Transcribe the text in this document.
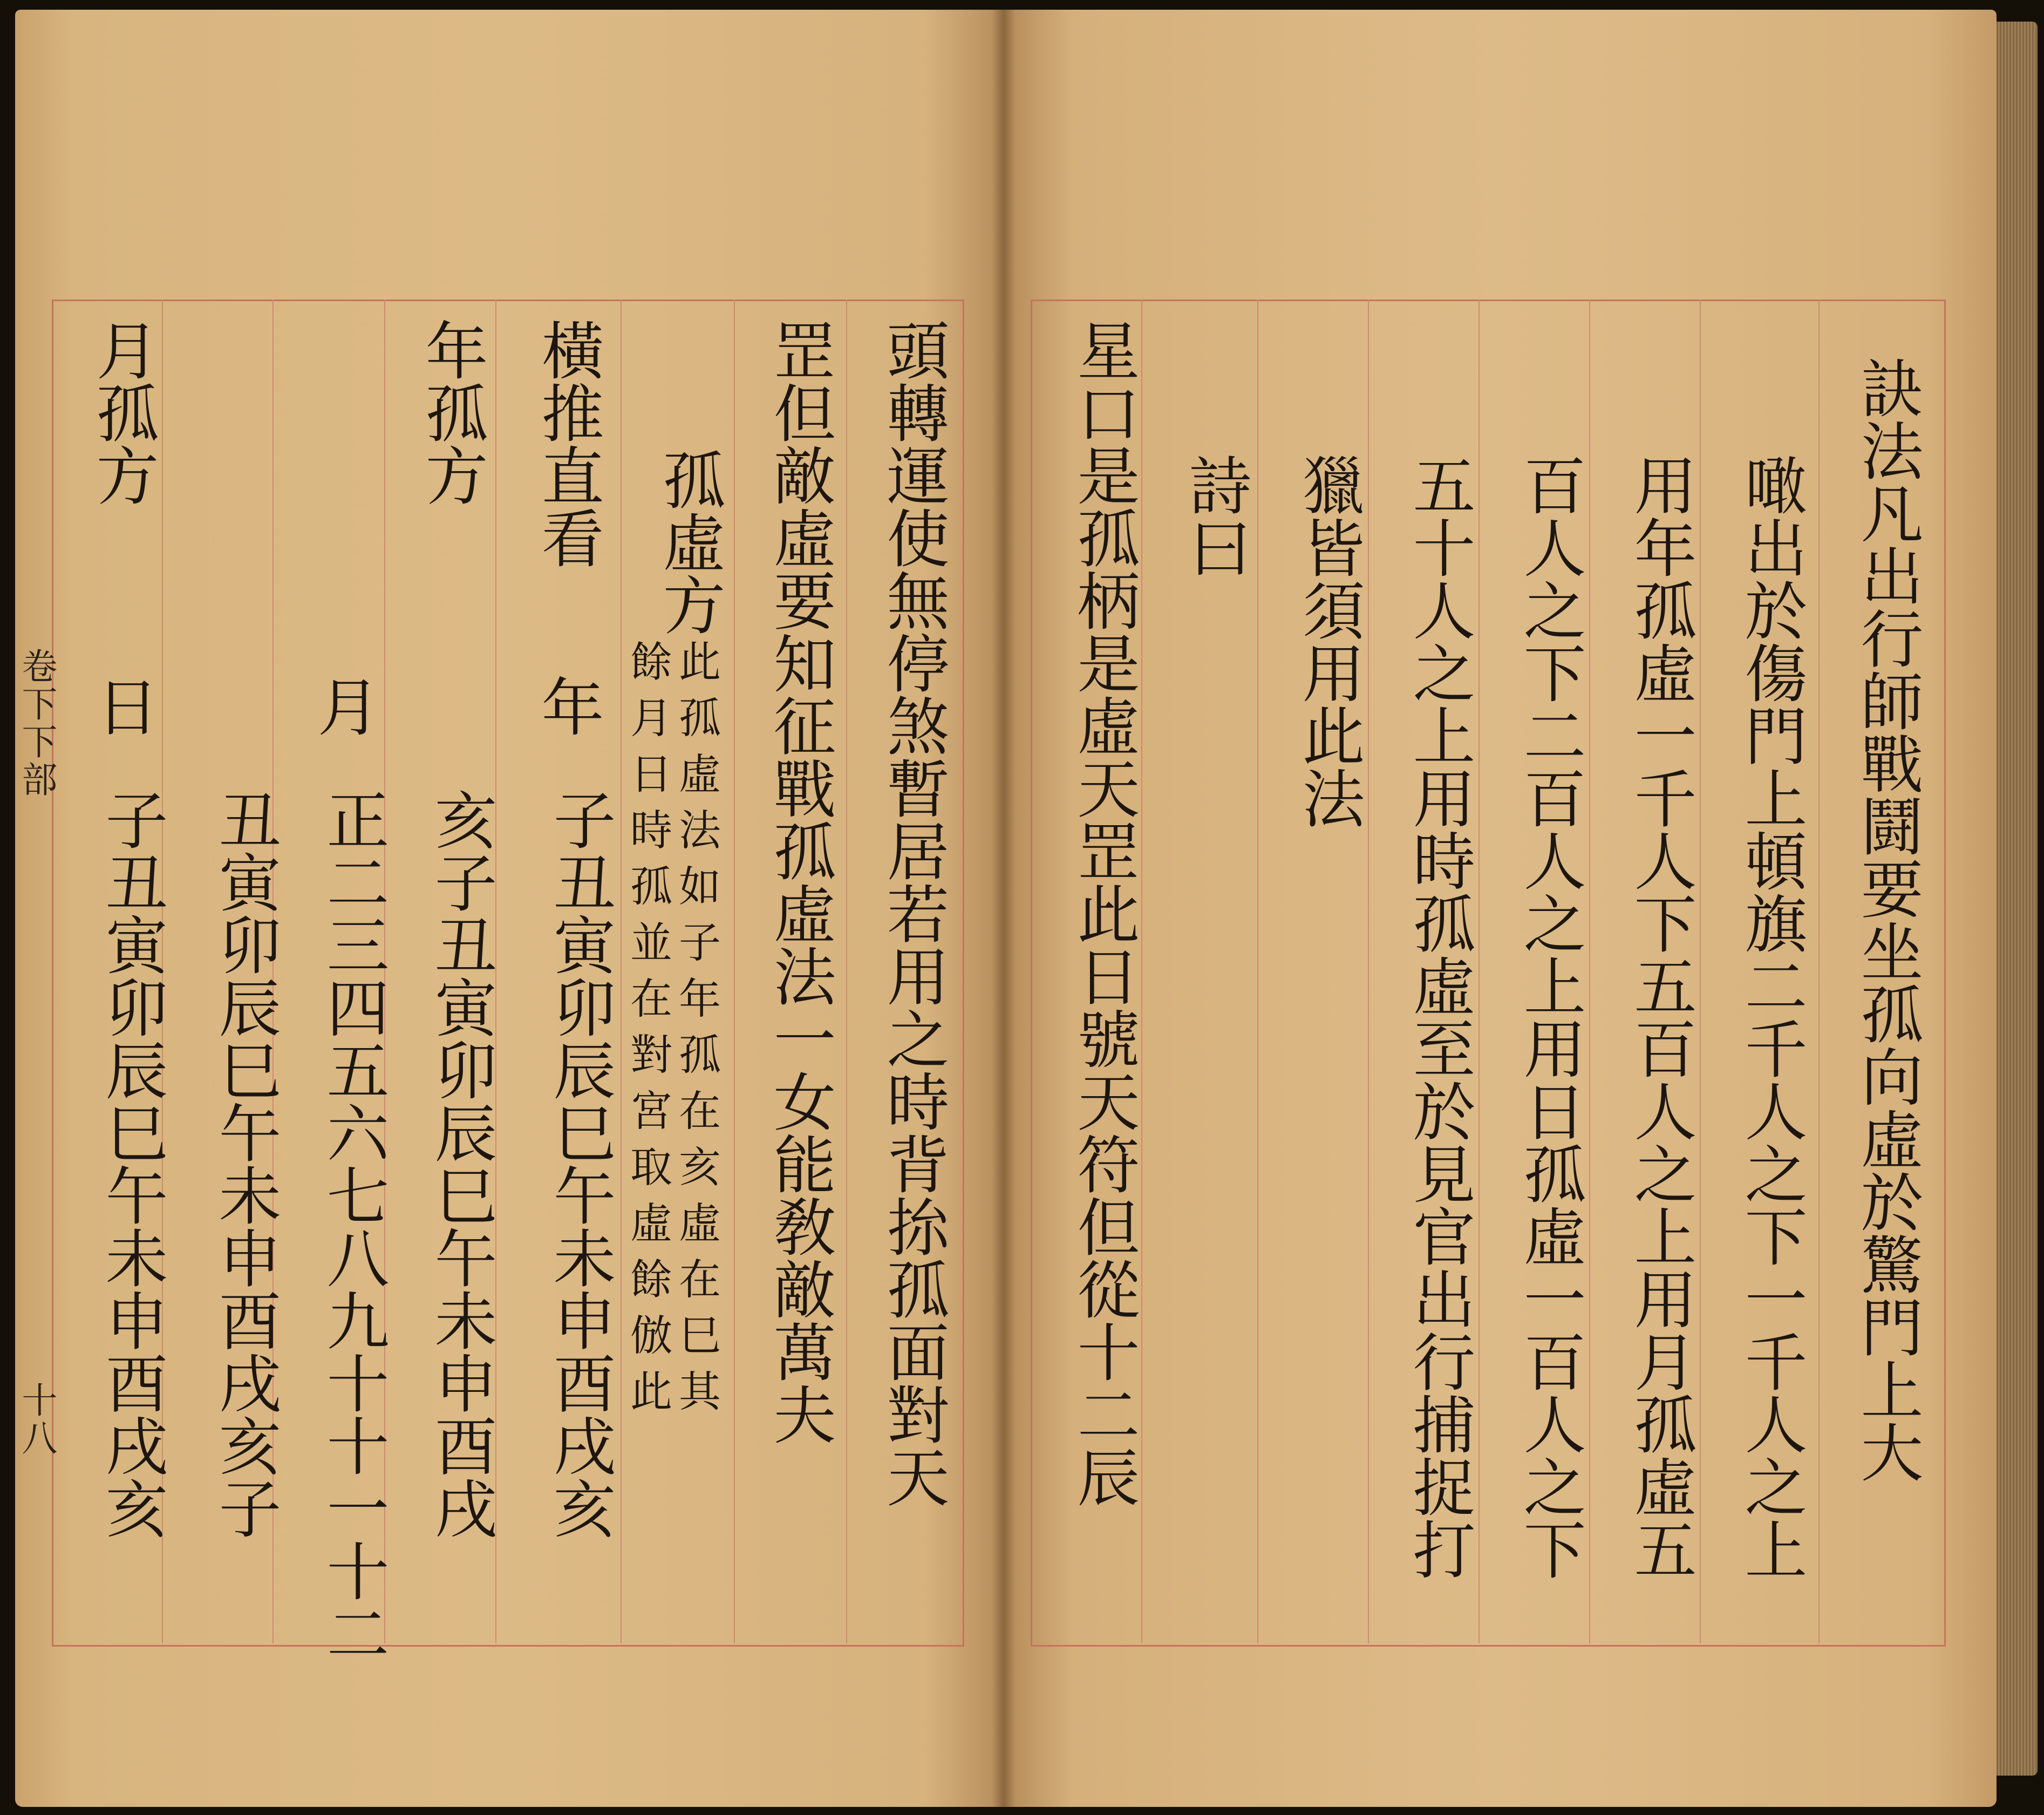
頭轉運使無停煞暫居若用之時背㧠孤面對天
罡但敵虛要知征戰孤虛法一女能敎敵萬夫
孤虛方
此孤虛法如子年孤在亥虛在巳其
餘月日時孤並在對宮取虛餘倣此
橫推直看
年
子丑寅卯辰巳午未申酉戌亥
年孤方
亥子丑寅卯辰巳午未申酉戌
月
正二三四五六七八九十十一十二
丑寅卯辰巳午未申酉戌亥子
月孤方
日
子丑寅卯辰巳午未申酉戌亥
卷下下部
十八	訣法凡出行師戰鬪要坐孤向虛於驚門上大
噉出於傷門上頓旗二千人之下一千人之上
用年孤虛一千人下五百人之上用月孤虛五
百人之下二百人之上用日孤虛一百人之下
五十人之上用時孤虛至於見官出行捕捉打
獵皆須用此法
詩曰
星口是孤柄是虛天罡此日號天符但從十二辰
